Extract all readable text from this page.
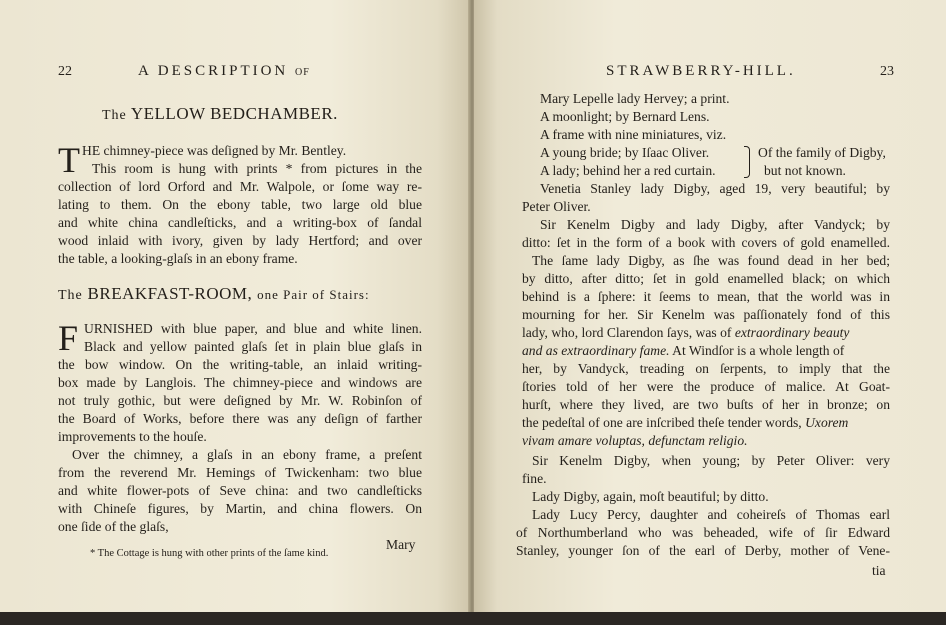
22	A DESCRIPTION OF
The YELLOW BEDCHAMBER.
T HE chimney-piece was deſigned by Mr. Bentley.
This room is hung with prints * from pictures in the
collection of lord Orford and Mr. Walpole, or ſome way re-
lating to them. On the ebony table, two large old blue
and white china candleſticks, and a writing-box of ſandal
wood inlaid with ivory, given by lady Hertford; and over
the table, a looking-glaſs in an ebony frame.
The BREAKFAST-ROOM, one Pair of Stairs:
F URNISHED with blue paper, and blue and white linen.
Black and yellow painted glaſs ſet in plain blue glaſs in
the bow window. On the writing-table, an inlaid writing-
box made by Langlois. The chimney-piece and windows are
not truly gothic, but were deſigned by Mr. W. Robinſon of
the Board of Works, before there was any deſign of farther
improvements to the houſe.
Over the chimney, a glaſs in an ebony frame, a preſent
from the reverend Mr. Hemings of Twickenham: two blue
and white flower-pots of Seve china: and two candleſticks
with Chineſe figures, by Martin, and china flowers. On
one ſide of the glaſs,
Mary
* The Cottage is hung with other prints of the ſame kind.
STRAWBERRY-HILL.	23
Mary Lepelle lady Hervey; a print.
A moonlight; by Bernard Lens.
A frame with nine miniatures, viz.
A young bride; by Iſaac Oliver.
A lady; behind her a red curtain.
Of the family of Digby,
but not known.
Venetia Stanley lady Digby, aged 19, very beautiful; by
Peter Oliver.
Sir Kenelm Digby and lady Digby, after Vandyck; by
ditto: ſet in the form of a book with covers of gold enamelled.
The ſame lady Digby, as ſhe was found dead in her bed;
by ditto, after ditto; ſet in gold enamelled black; on which
behind is a ſphere: it ſeems to mean, that the world was in
mourning for her. Sir Kenelm was paſſionately fond of this
lady, who, lord Clarendon ſays, was of extraordinary beauty
and as extraordinary fame. At Windſor is a whole length of
her, by Vandyck, treading on ſerpents, to imply that the
ſtories told of her were the produce of malice. At Goat-
hurſt, where they lived, are two buſts of her in bronze; on
the pedeſtal of one are inſcribed theſe tender words, Uxorem
vivam amare voluptas, defunctam religio.
Sir Kenelm Digby, when young; by Peter Oliver: very
fine.
Lady Digby, again, moſt beautiful; by ditto.
Lady Lucy Percy, daughter and coheireſs of Thomas earl
of Northumberland who was beheaded, wife of ſir Edward
Stanley, younger ſon of the earl of Derby, mother of Vene-
tia
